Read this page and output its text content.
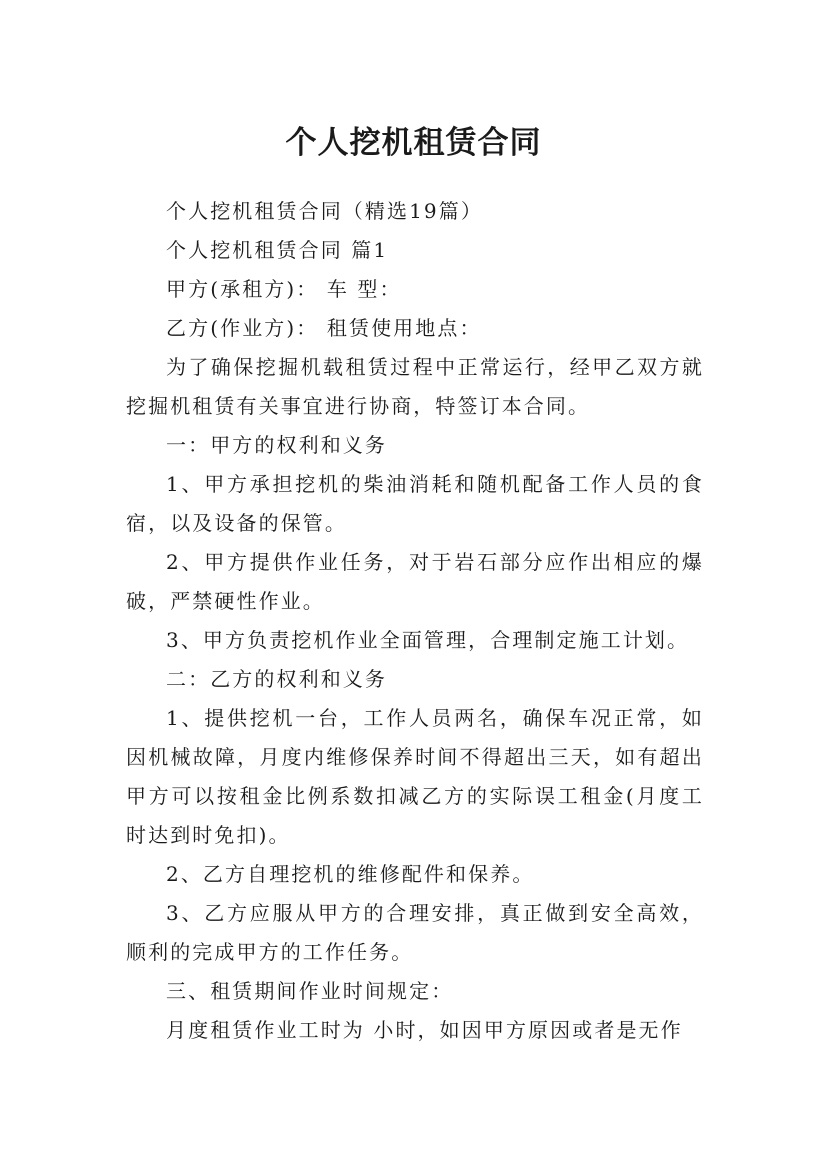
个人挖机租赁合同

个人挖机租赁合同（精选19篇）

个人挖机租赁合同 篇1

甲方(承租方)： 车 型：

乙方(作业方)： 租赁使用地点：

为了确保挖掘机载租赁过程中正常运行，经甲乙双方就挖掘机租赁有关事宜进行协商，特签订本合同。

一：甲方的权利和义务

1、甲方承担挖机的柴油消耗和随机配备工作人员的食宿，以及设备的保管。

2、甲方提供作业任务，对于岩石部分应作出相应的爆破，严禁硬性作业。

3、甲方负责挖机作业全面管理，合理制定施工计划。

二：乙方的权利和义务

1、提供挖机一台，工作人员两名，确保车况正常，如因机械故障，月度内维修保养时间不得超出三天，如有超出甲方可以按租金比例系数扣减乙方的实际误工租金(月度工时达到时免扣)。

2、乙方自理挖机的维修配件和保养。

3、乙方应服从甲方的合理安排，真正做到安全高效，顺利的完成甲方的工作任务。

三、租赁期间作业时间规定：

月度租赁作业工时为 小时，如因甲方原因或者是无作
